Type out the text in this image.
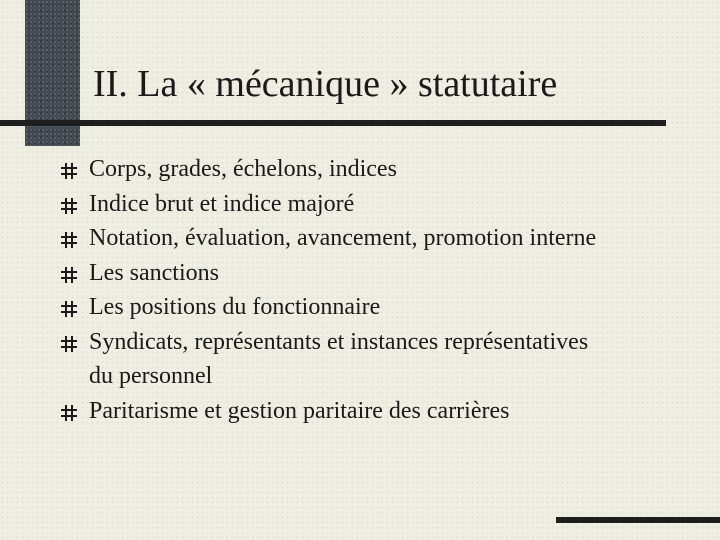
II. La « mécanique » statutaire
Corps, grades, échelons, indices
Indice brut et indice majoré
Notation, évaluation, avancement, promotion interne
Les sanctions
Les positions du fonctionnaire
Syndicats, représentants et instances représentatives du personnel
Paritarisme et gestion paritaire des carrières
